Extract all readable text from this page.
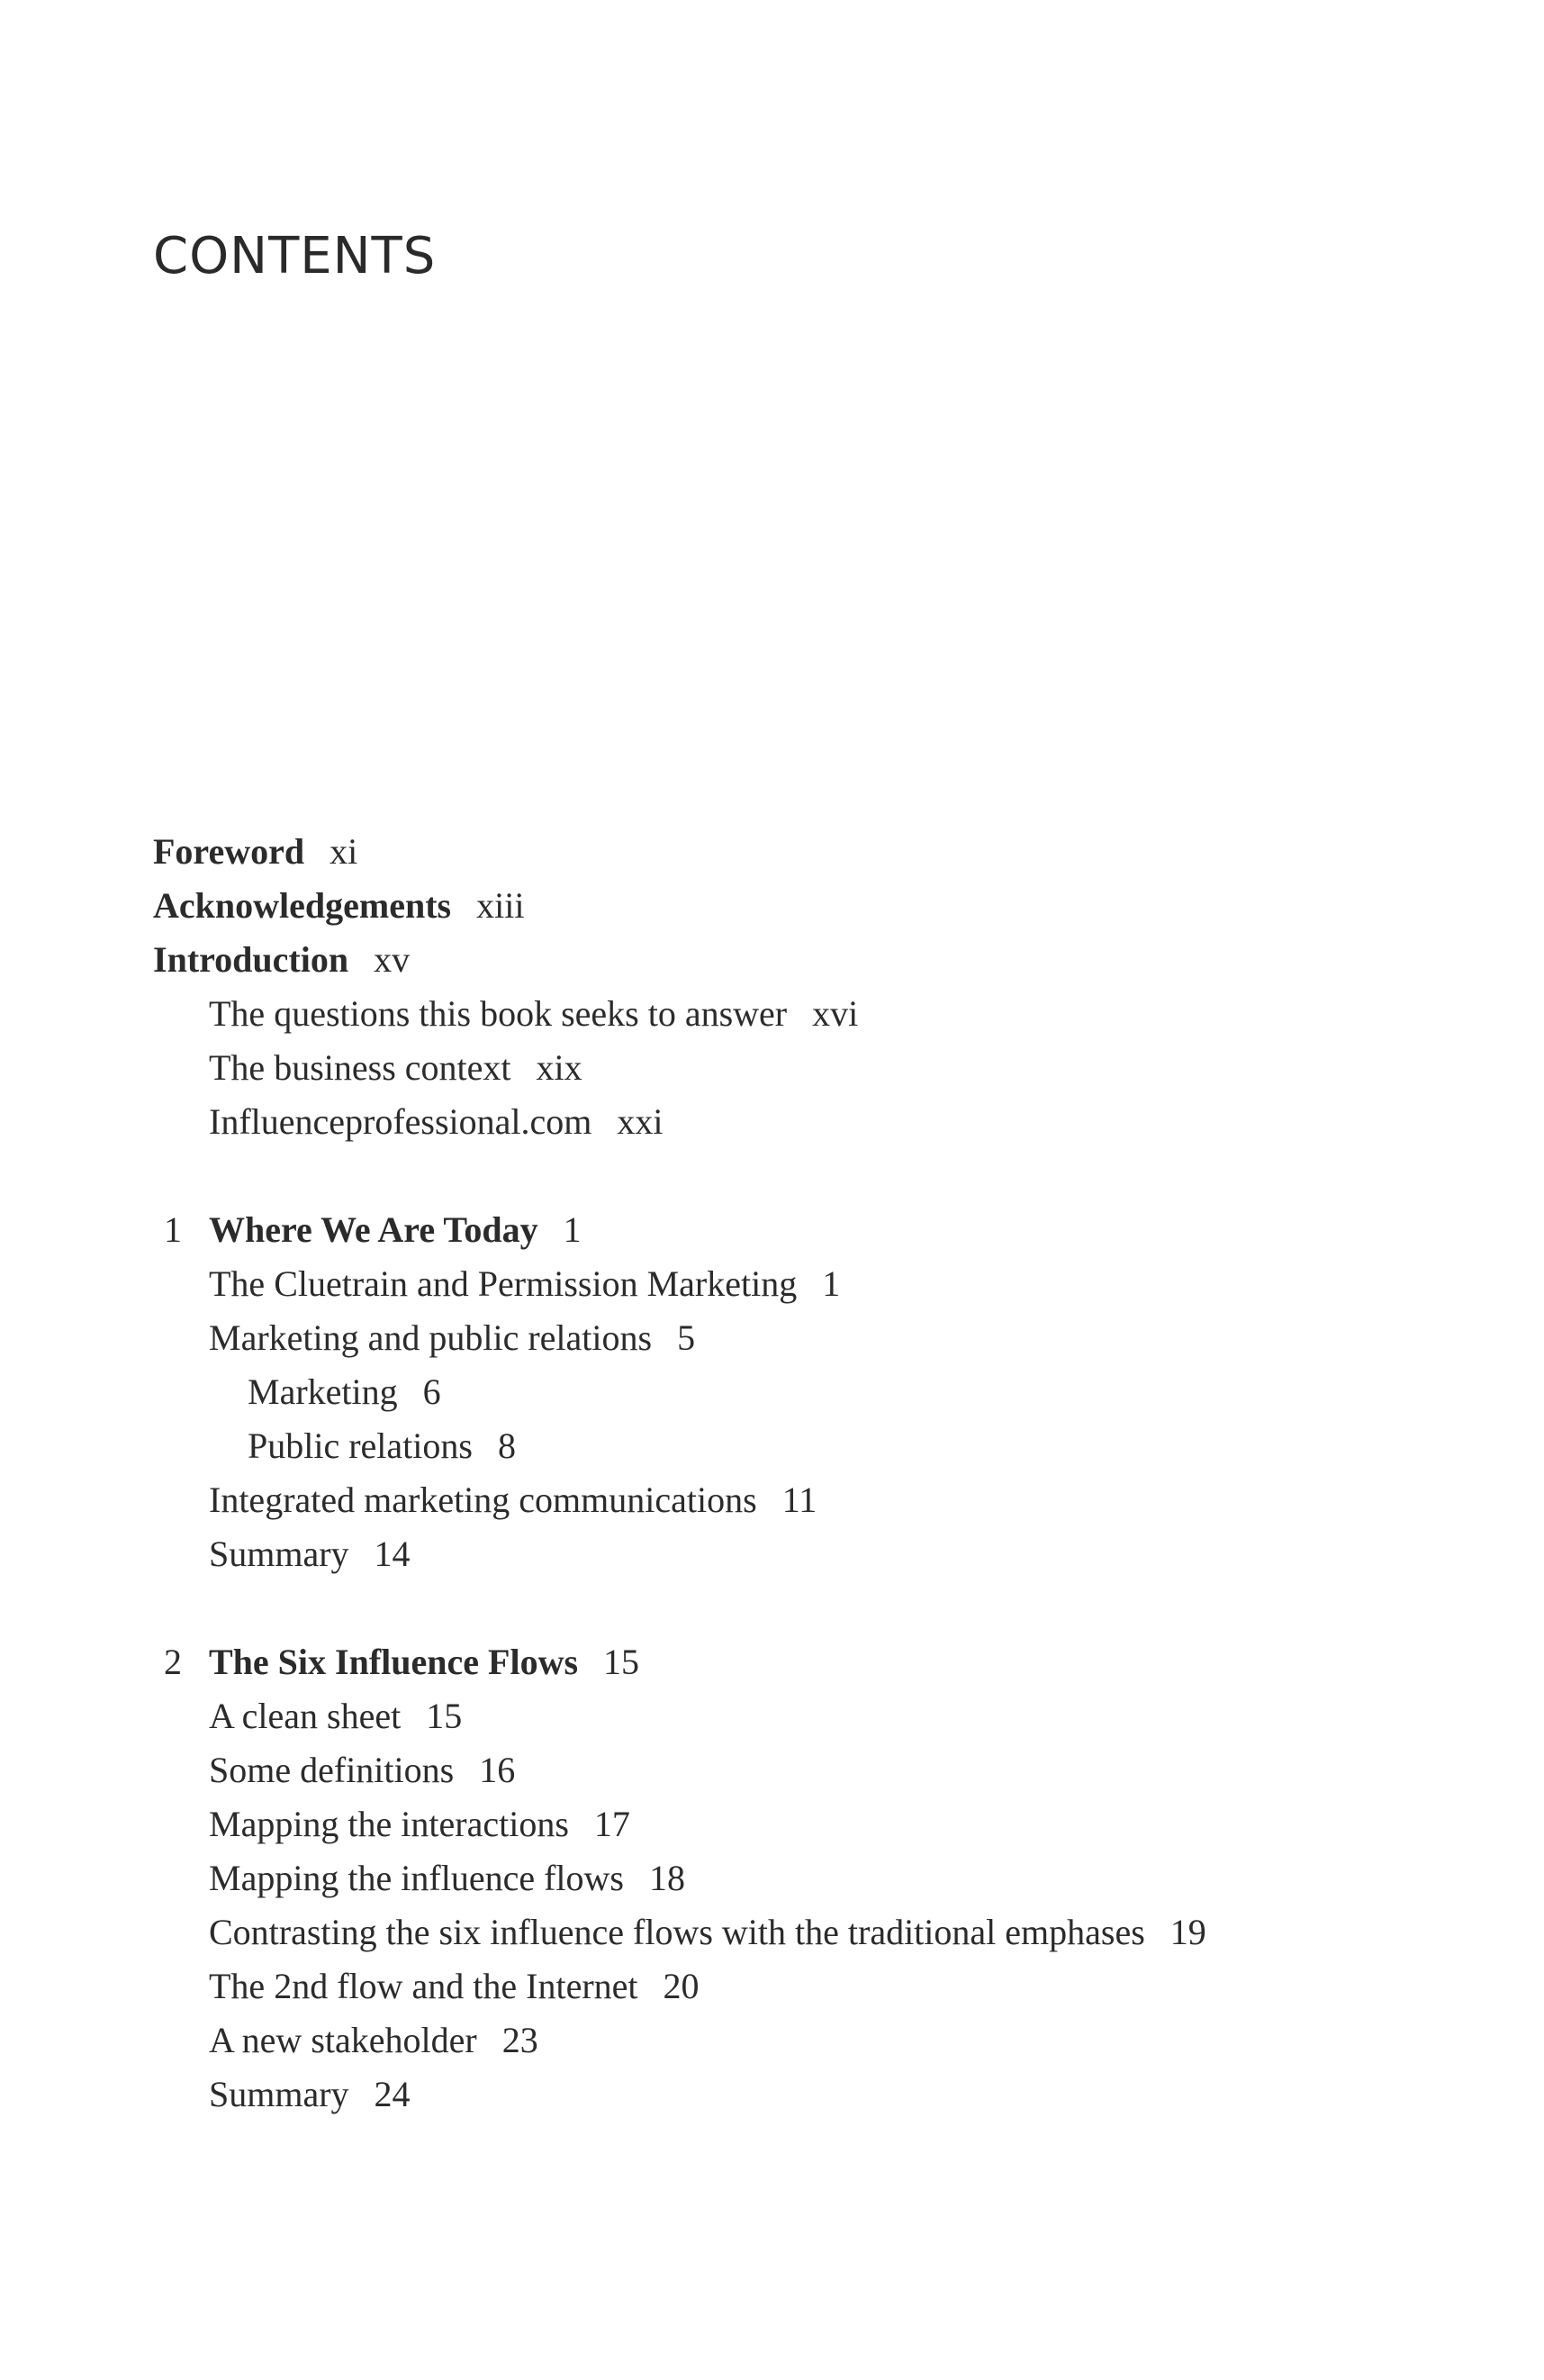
CONTENTS
Foreword xi
Acknowledgements xiii
Introduction xv
The questions this book seeks to answer xvi
The business context xix
Influenceprofessional.com xxi
1 Where We Are Today 1
The Cluetrain and Permission Marketing 1
Marketing and public relations 5
Marketing 6
Public relations 8
Integrated marketing communications 11
Summary 14
2 The Six Influence Flows 15
A clean sheet 15
Some definitions 16
Mapping the interactions 17
Mapping the influence flows 18
Contrasting the six influence flows with the traditional emphases 19
The 2nd flow and the Internet 20
A new stakeholder 23
Summary 24
